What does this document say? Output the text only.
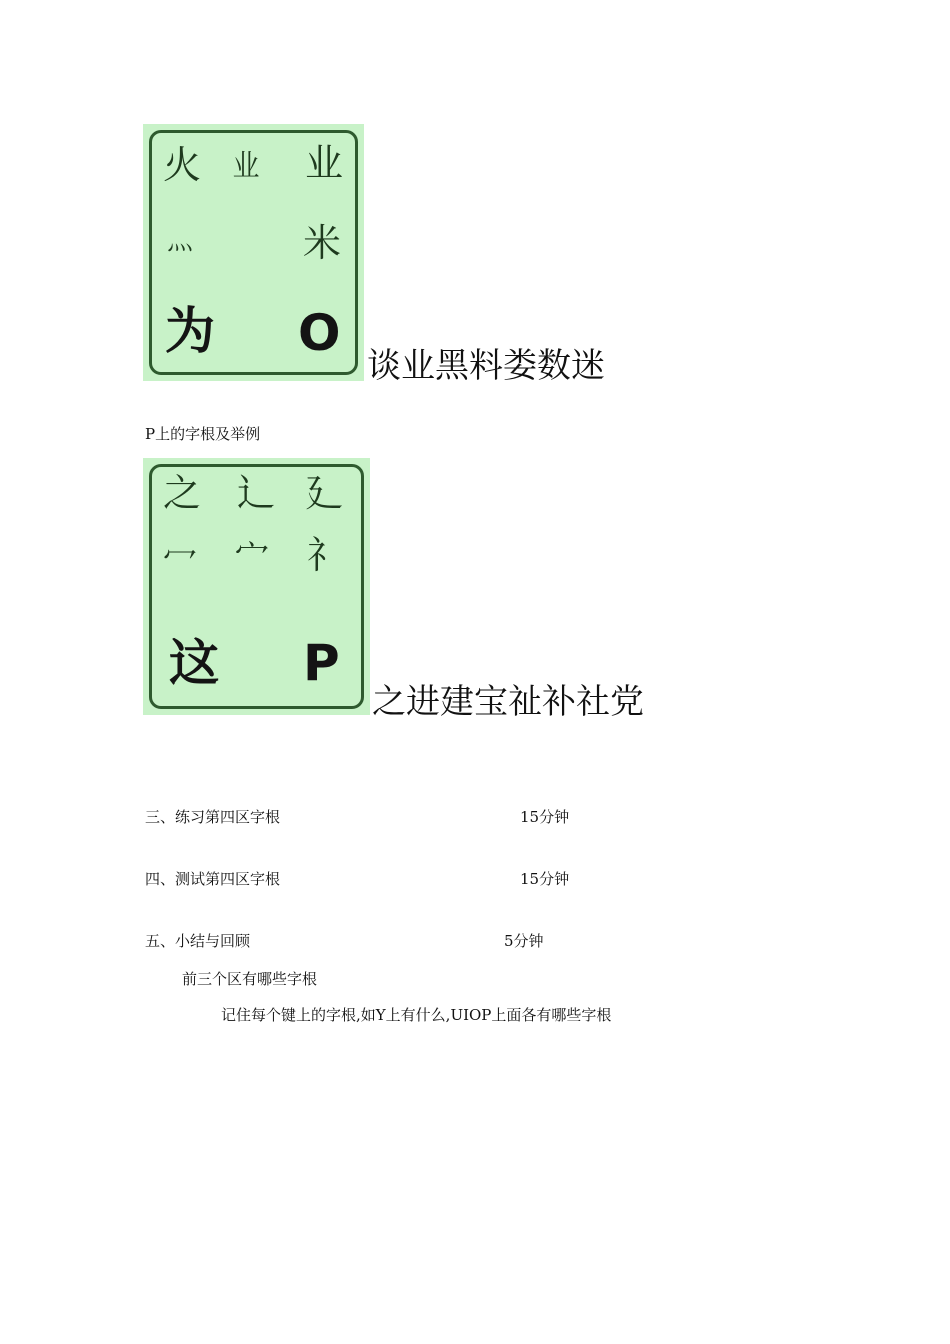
火 业 业
灬	米
为 O
谈业黑料娄数迷
P上的字根及举例
之 辶 廴
冖 宀 礻
这 P
之进建宝祉补社党
三、练习第四区字根	15分钟
四、测试第四区字根	15分钟
五、小结与回顾	5分钟
前三个区有哪些字根
记住每个键上的字根,如Y上有什么,UIOP上面各有哪些字根
